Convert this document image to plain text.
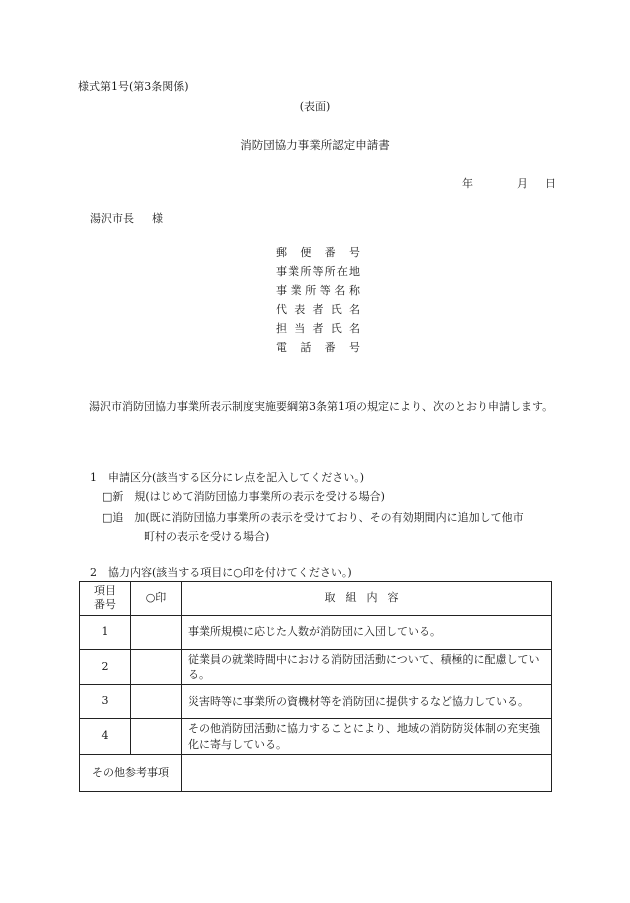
様式第1号(第3条関係)
(表面)
消防団協力事業所認定申請書
年	月 日
湯沢市長 様
郵便番号
事業所等所在地
事業所等名称
代表者氏名
担当者氏名
電話番号
湯沢市消防団協力事業所表示制度実施要綱第3条第1項の規定により、次のとおり申請します。
1　申請区分(該当する区分にレ点を記入してください。)
□新　規(はじめて消防団協力事業所の表示を受ける場合)
□追　加(既に消防団協力事業所の表示を受けており、その有効期間内に追加して他市
町村の表示を受ける場合)
2　協力内容(該当する項目に○印を付けてください。)
項目
番号	○印	取組内容
1		事業所規模に応じた人数が消防団に入団している。
2		従業員の就業時間中における消防団活動について、積極的に配慮している。
3		災害時等に事業所の資機材等を消防団に提供するなど協力している。
4		その他消防団活動に協力することにより、地域の消防防災体制の充実強化に寄与している。
その他参考事項		
